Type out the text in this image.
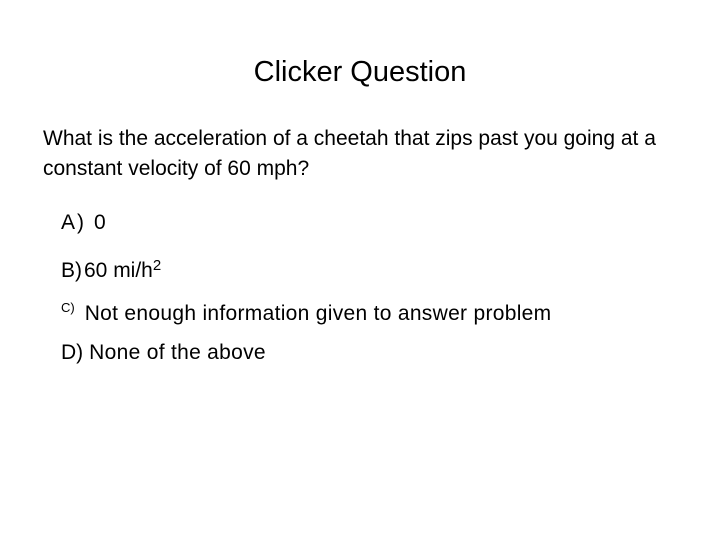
Clicker Question

What is the acceleration of a cheetah that zips past you going at a constant velocity of 60 mph?

A) 0
B)60 $mi/h^2$
$^{C)}$ Not enough information given to answer problem
D) None of the above
